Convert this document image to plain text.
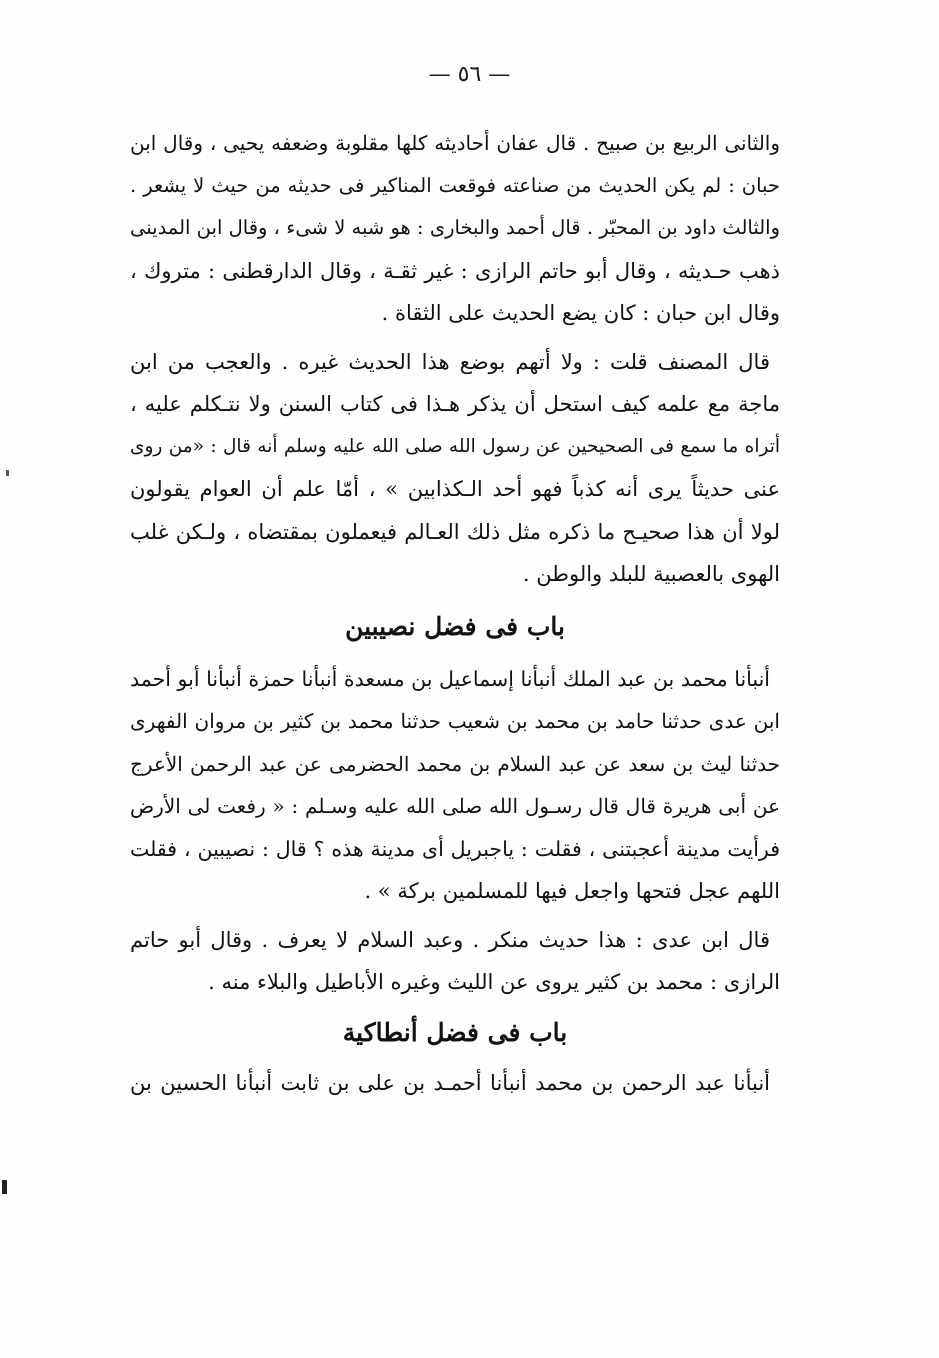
— ٥٦ —
والثانى الربيع بن صبيح . قال عفان أحاديثه كلها مقلوبة وضعفه يحيى ، وقال ابن
حبان : لم يكن الحديث من صناعته فوقعت المناكير فى حديثه من حيث لا يشعر .
والثالث داود بن المحبّر . قال أحمد والبخارى : هو شبه لا شىء ، وقال ابن المدينى
ذهب حـديثه ، وقال أبو حاتم الرازى : غير ثقـة ، وقال الدارقطنى : متروك ،
وقال ابن حبان : كان يضع الحديث على الثقاة .
قال المصنف قلت : ولا أتهم بوضع هذا الحديث غيره . والعجب من ابن
ماجة مع علمه كيف استحل أن يذكر هـذا فى كتاب السنن ولا نتـكلم عليه ،
أتراه ما سمع فى الصحيحين عن رسول الله صلى الله عليه وسلم أنه قال : «من روى
عنى حديثاً يرى أنه كذباً فهو أحد الـكذابين » ، أمّا علم أن العوام يقولون
لولا أن هذا صحيـح ما ذكره مثل ذلك العـالم فيعملون بمقتضاه ، ولـكن غلب
الهوى بالعصبية للبلد والوطن .
باب فى فضل نصيبين
أنبأنا محمد بن عبد الملك أنبأنا إسماعيل بن مسعدة أنبأنا حمزة أنبأنا أبو أحمد
ابن عدى حدثنا حامد بن محمد بن شعيب حدثنا محمد بن كثير بن مروان الفهرى
حدثنا ليث بن سعد عن عبد السلام بن محمد الحضرمى عن عبد الرحمن الأعرج
عن أبى هريرة قال قال رسـول الله صلى الله عليه وسـلم : « رفعت لى الأرض
فرأيت مدينة أعجبتنى ، فقلت : ياجبريل أى مدينة هذه ؟ قال : نصيبين ، فقلت
اللهم عجل فتحها واجعل فيها للمسلمين بركة » .
قال ابن عدى : هذا حديث منكر . وعبد السلام لا يعرف . وقال أبو حاتم
الرازى : محمد بن كثير يروى عن الليث وغيره الأباطيل والبلاء منه .
باب فى فضل أنطاكية
أنبأنا عبد الرحمن بن محمد أنبأنا أحمـد بن على بن ثابت أنبأنا الحسين بن
